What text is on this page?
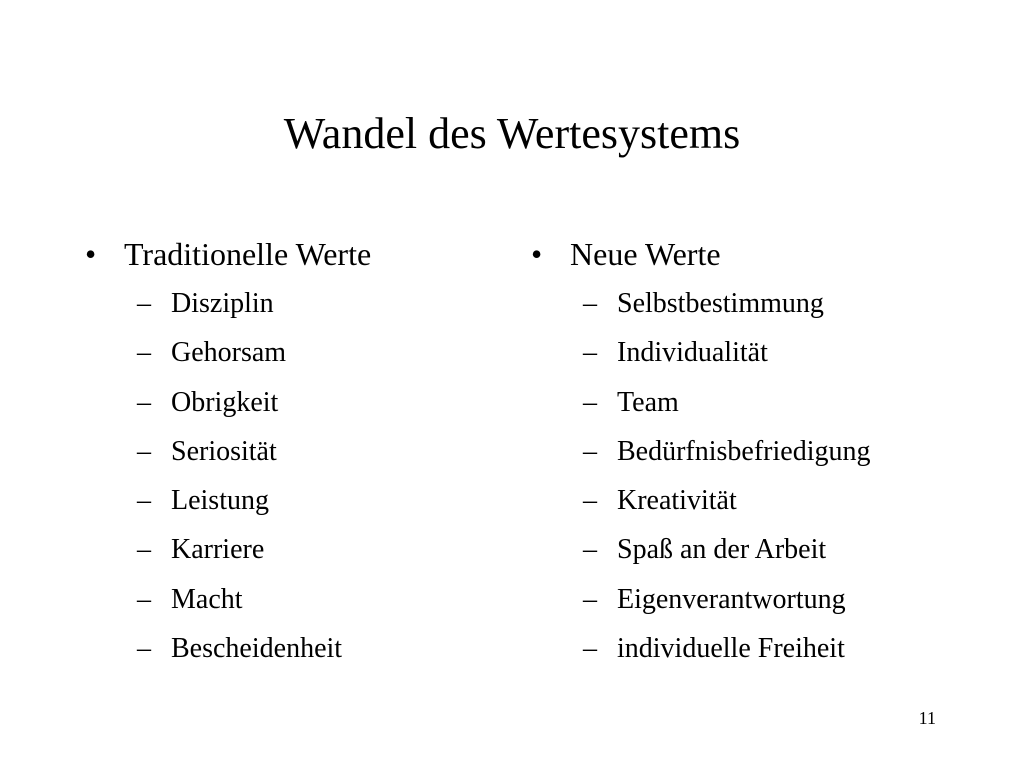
Wandel des Wertesystems
• Traditionelle Werte
– Disziplin
– Gehorsam
– Obrigkeit
– Seriosität
– Leistung
– Karriere
– Macht
– Bescheidenheit
• Neue Werte
– Selbstbestimmung
– Individualität
– Team
– Bedürfnisbefriedigung
– Kreativität
– Spaß an der Arbeit
– Eigenverantwortung
– individuelle Freiheit
11
